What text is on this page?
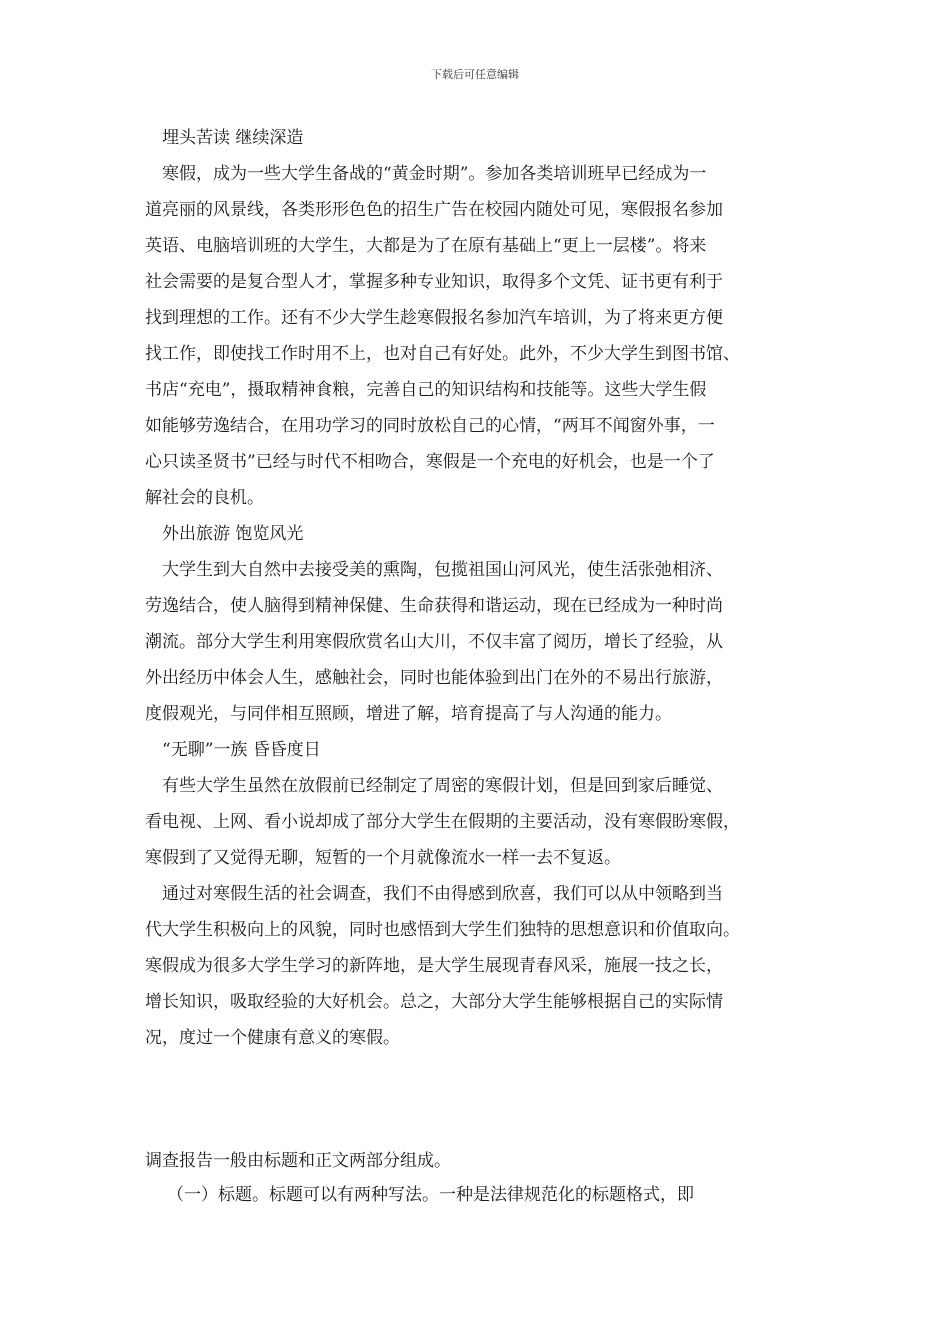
下载后可任意编辑
埋头苦读 继续深造
寒假，成为一些大学生备战的“黄金时期”。参加各类培训班早已经成为一
道亮丽的风景线，各类形形色色的招生广告在校园内随处可见，寒假报名参加
英语、电脑培训班的大学生，大都是为了在原有基础上“更上一层楼”。将来
社会需要的是复合型人才，掌握多种专业知识，取得多个文凭、证书更有利于
找到理想的工作。还有不少大学生趁寒假报名参加汽车培训，为了将来更方便
找工作，即使找工作时用不上，也对自己有好处。此外，不少大学生到图书馆、
书店“充电”，摄取精神食粮，完善自己的知识结构和技能等。这些大学生假
如能够劳逸结合，在用功学习的同时放松自己的心情，“两耳不闻窗外事，一
心只读圣贤书”已经与时代不相吻合，寒假是一个充电的好机会，也是一个了
解社会的良机。
外出旅游 饱览风光
大学生到大自然中去接受美的熏陶，包揽祖国山河风光，使生活张弛相济、
劳逸结合，使人脑得到精神保健、生命获得和谐运动，现在已经成为一种时尚
潮流。部分大学生利用寒假欣赏名山大川，不仅丰富了阅历，增长了经验，从
外出经历中体会人生，感触社会，同时也能体验到出门在外的不易出行旅游，
度假观光，与同伴相互照顾，增进了解，培育提高了与人沟通的能力。
“无聊”一族 昏昏度日
有些大学生虽然在放假前已经制定了周密的寒假计划，但是回到家后睡觉、
看电视、上网、看小说却成了部分大学生在假期的主要活动，没有寒假盼寒假，
寒假到了又觉得无聊，短暂的一个月就像流水一样一去不复返。
通过对寒假生活的社会调查，我们不由得感到欣喜，我们可以从中领略到当
代大学生积极向上的风貌，同时也感悟到大学生们独特的思想意识和价值取向。
寒假成为很多大学生学习的新阵地，是大学生展现青春风采，施展一技之长，
增长知识，吸取经验的大好机会。总之，大部分大学生能够根据自己的实际情
况，度过一个健康有意义的寒假。
调查报告一般由标题和正文两部分组成。
（一）标题。标题可以有两种写法。一种是法律规范化的标题格式，即
